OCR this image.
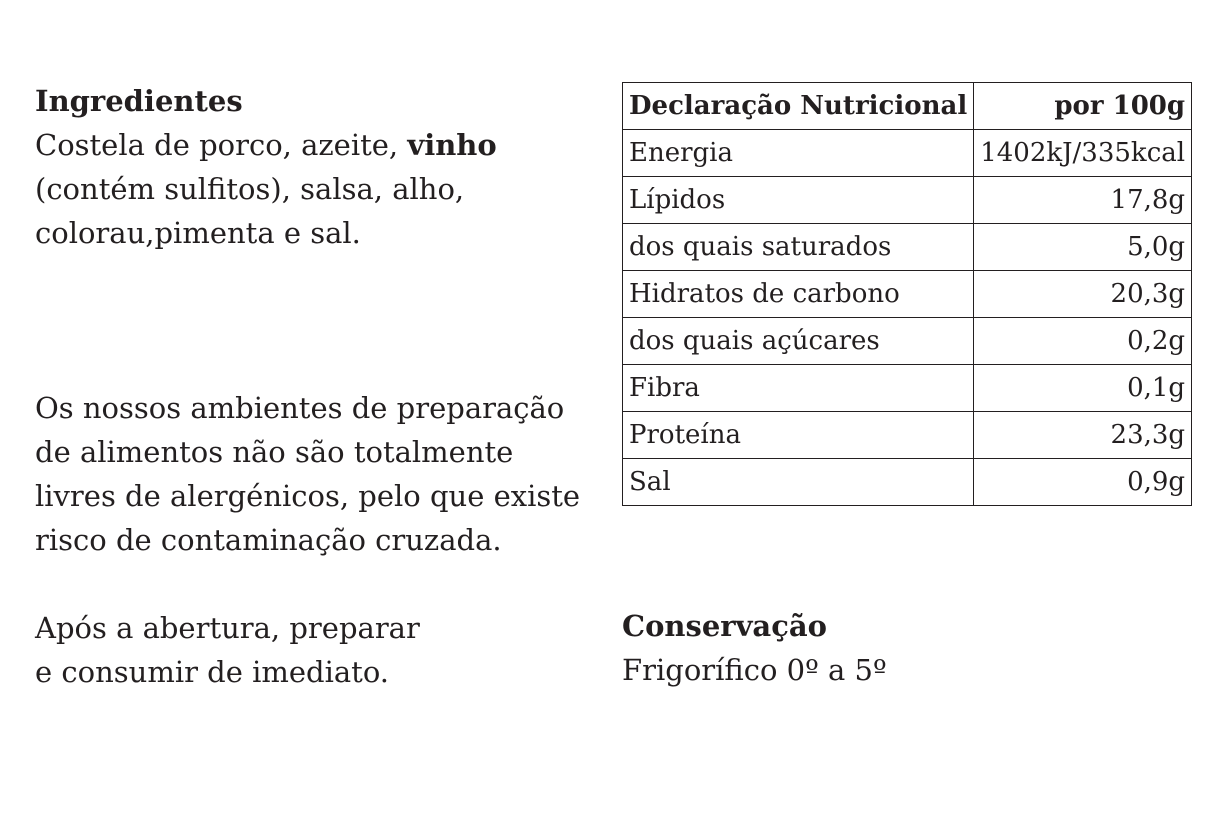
Ingredientes
Costela de porco, azeite, vinho
(contém sulfitos), salsa, alho,
colorau,pimenta e sal.
Os nossos ambientes de preparação
de alimentos não são totalmente
livres de alergénicos, pelo que existe
risco de contaminação cruzada.
Após a abertura, preparar
e consumir de imediato.
Declaração Nutricional	por 100g
Energia	1402kJ/335kcal
Lípidos	17,8g
dos quais saturados	5,0g
Hidratos de carbono	20,3g
dos quais açúcares	0,2g
Fibra	0,1g
Proteína	23,3g
Sal	0,9g
Conservação
Frigorífico 0º a 5º
